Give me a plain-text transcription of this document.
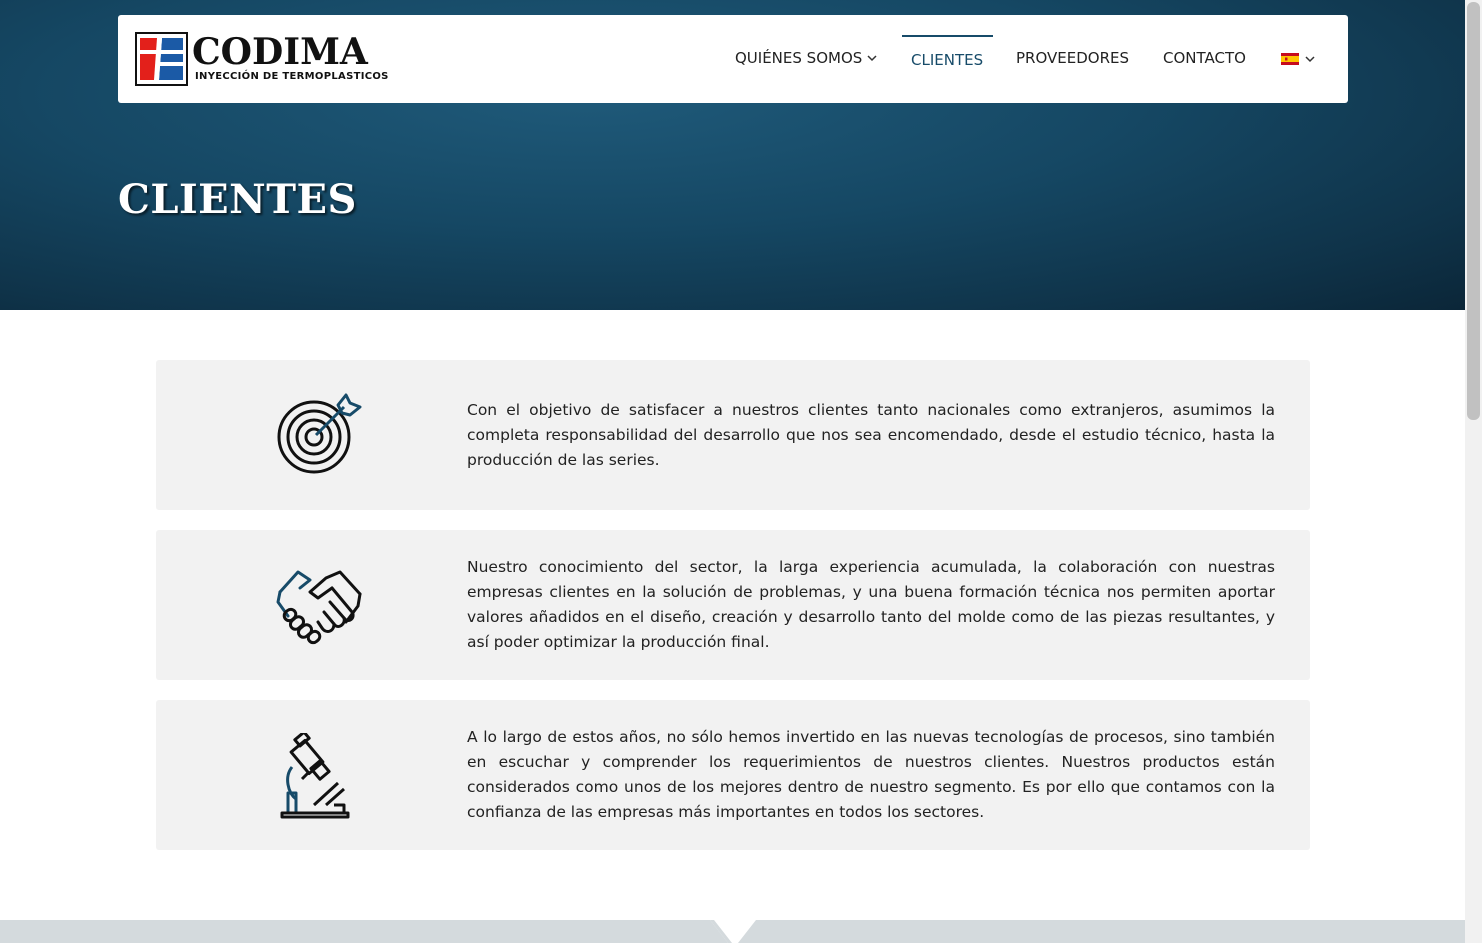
CODIMA
INYECCIÓN DE TERMOPLASTICOS
QUIÉNES SOMOS	CLIENTES PROVEEDORES CONTACTO
CLIENTES

Con el objetivo de satisfacer a nuestros clientes tanto nacionales como extranjeros, asumimos la completa responsabilidad del desarrollo que nos sea encomendado, desde el estudio técnico, hasta la producción de las series.

Nuestro conocimiento del sector, la larga experiencia acumulada, la colaboración con nuestras empresas clientes en la solución de problemas, y una buena formación técnica nos permiten aportar valores añadidos en el diseño, creación y desarrollo tanto del molde como de las piezas resultantes, y así poder optimizar la producción final.

A lo largo de estos años, no sólo hemos invertido en las nuevas tecnologías de procesos, sino también en escuchar y comprender los requerimientos de nuestros clientes. Nuestros productos están considerados como unos de los mejores dentro de nuestro segmento. Es por ello que contamos con la confianza de las empresas más importantes en todos los sectores.
